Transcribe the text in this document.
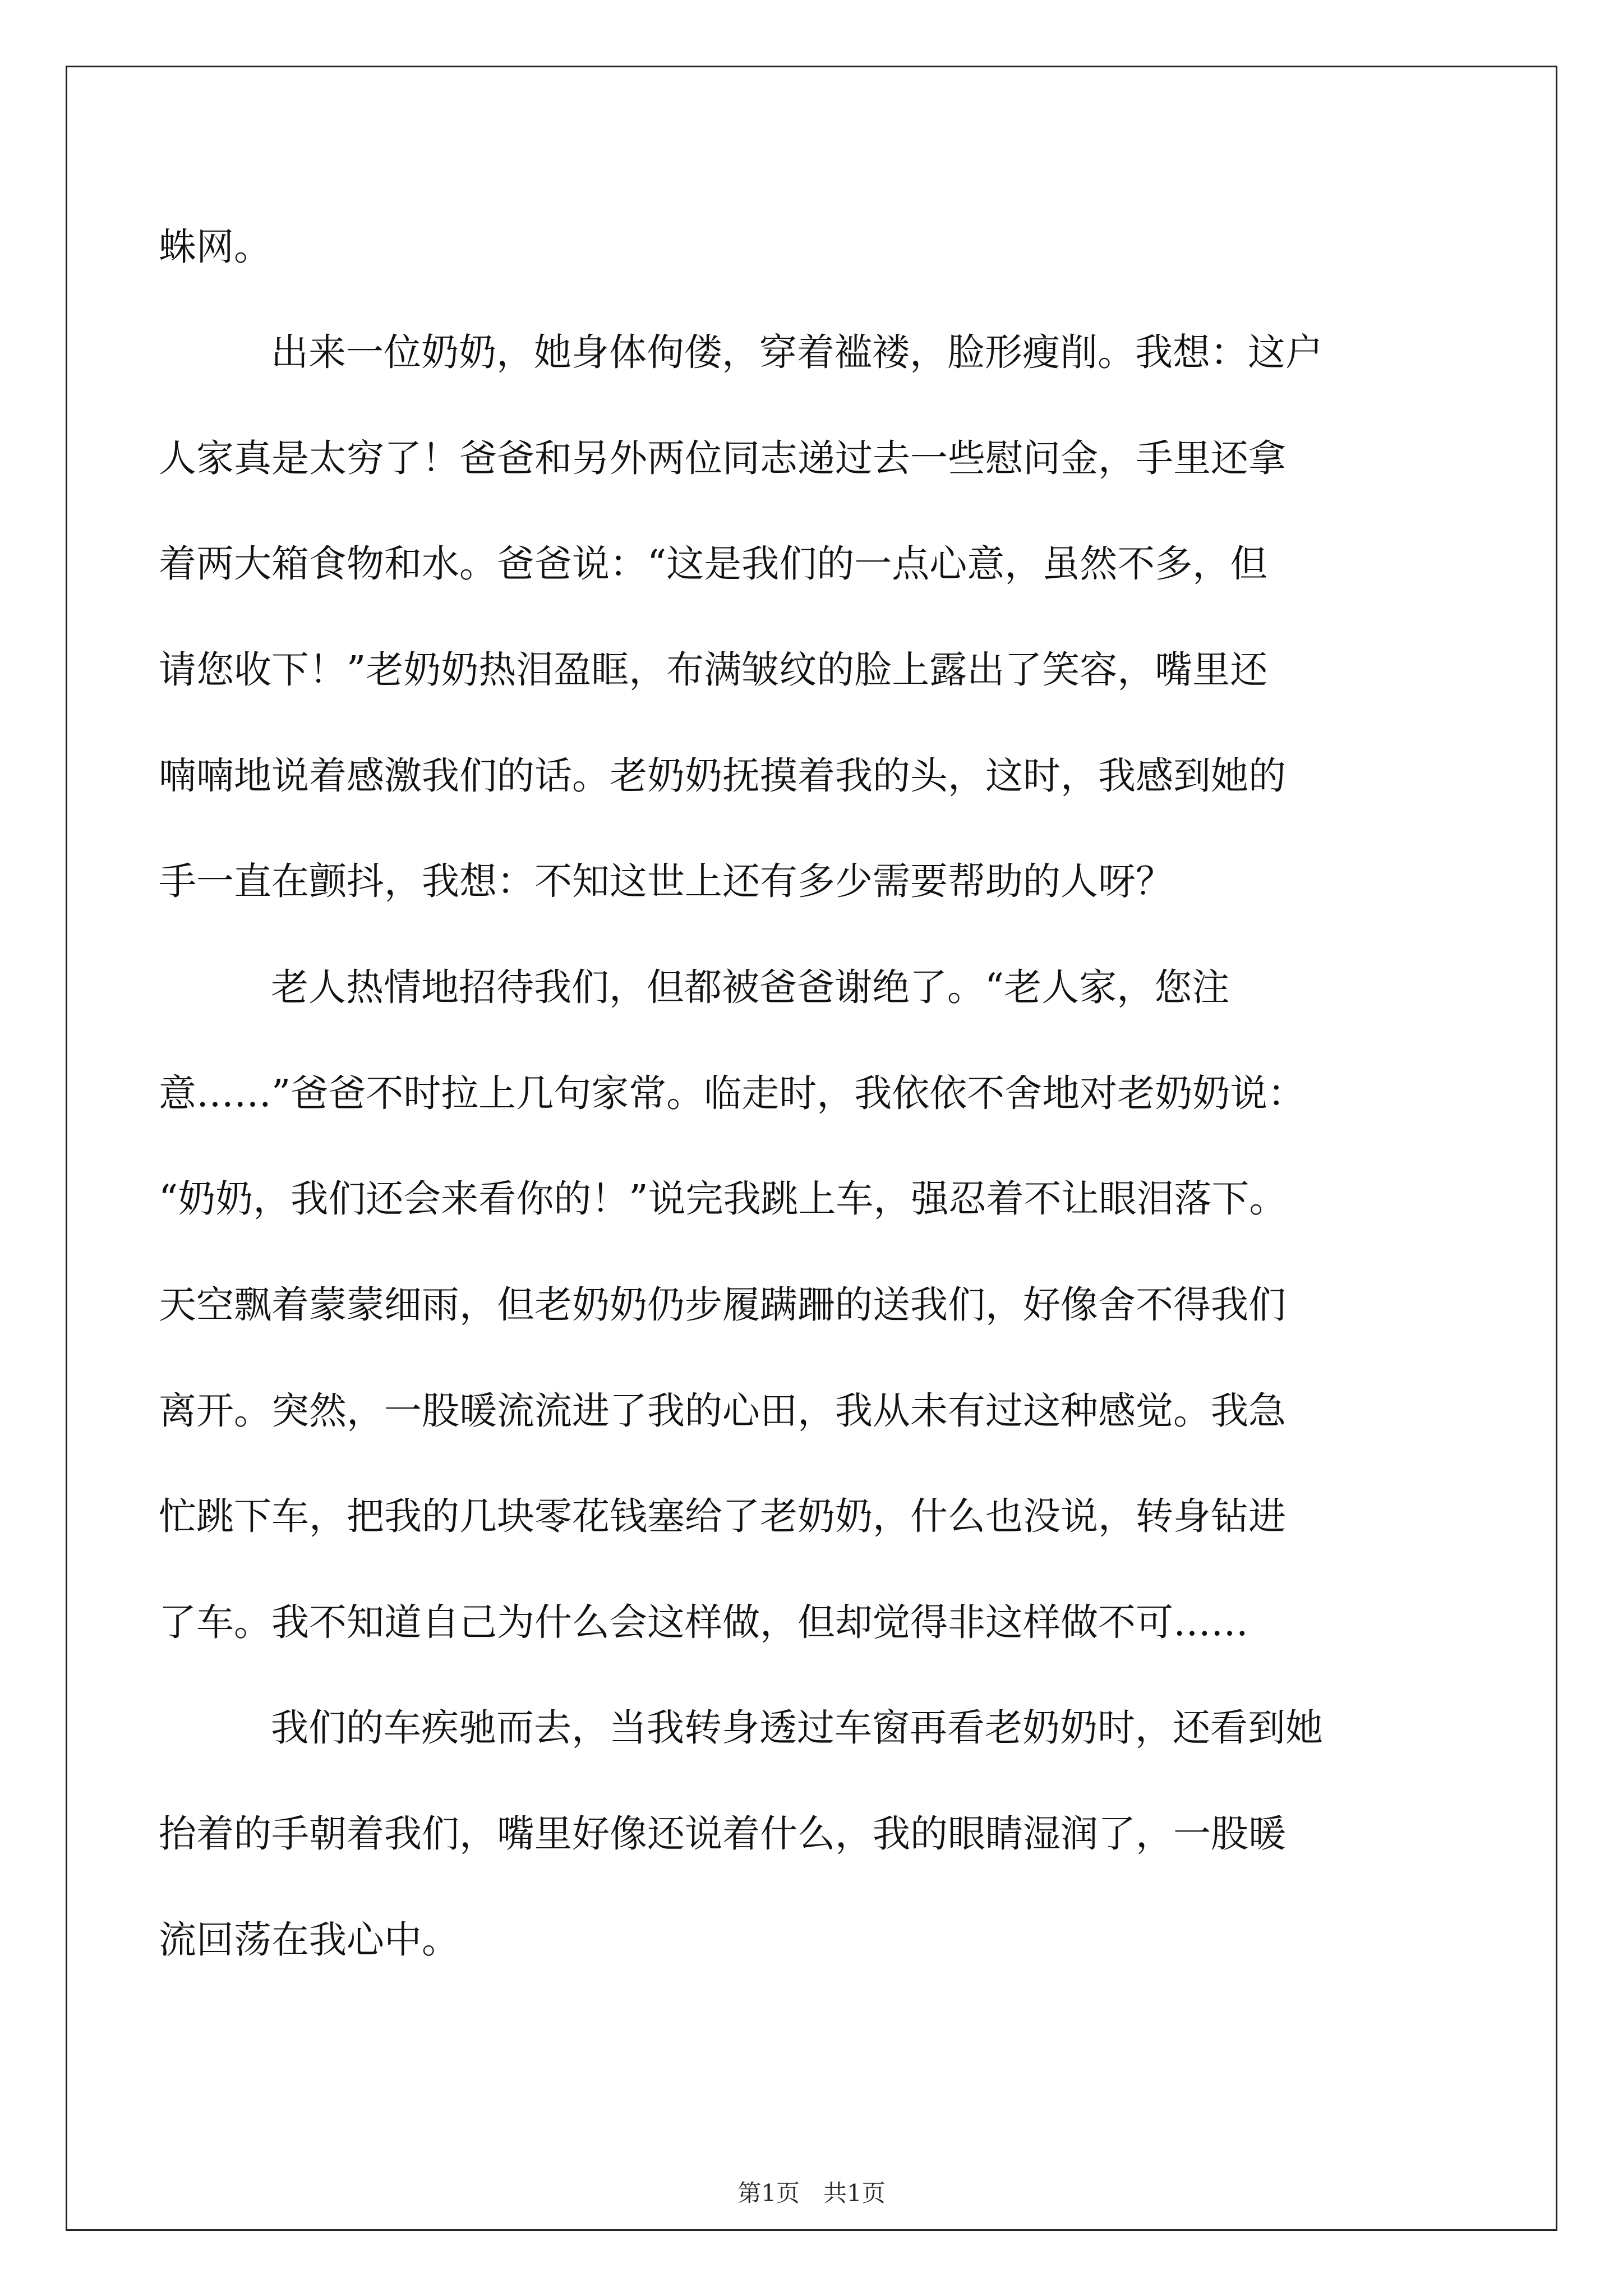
蛛网。
出来一位奶奶，她身体佝偻，穿着褴褛，脸形瘦削。我想：这户
人家真是太穷了！爸爸和另外两位同志递过去一些慰问金，手里还拿
着两大箱食物和水。爸爸说：“这是我们的一点心意，虽然不多，但
请您收下！”老奶奶热泪盈眶，布满皱纹的脸上露出了笑容，嘴里还
喃喃地说着感激我们的话。老奶奶抚摸着我的头，这时，我感到她的
手一直在颤抖，我想：不知这世上还有多少需要帮助的人呀？
老人热情地招待我们，但都被爸爸谢绝了。“老人家，您注
意……”爸爸不时拉上几句家常。临走时，我依依不舍地对老奶奶说：
“奶奶，我们还会来看你的！”说完我跳上车，强忍着不让眼泪落下。
天空飘着蒙蒙细雨，但老奶奶仍步履蹒跚的送我们，好像舍不得我们
离开。突然，一股暖流流进了我的心田，我从未有过这种感觉。我急
忙跳下车，把我的几块零花钱塞给了老奶奶，什么也没说，转身钻进
了车。我不知道自己为什么会这样做，但却觉得非这样做不可……
我们的车疾驰而去，当我转身透过车窗再看老奶奶时，还看到她
抬着的手朝着我们，嘴里好像还说着什么，我的眼睛湿润了，一股暖
流回荡在我心中。
第1页　共1页
